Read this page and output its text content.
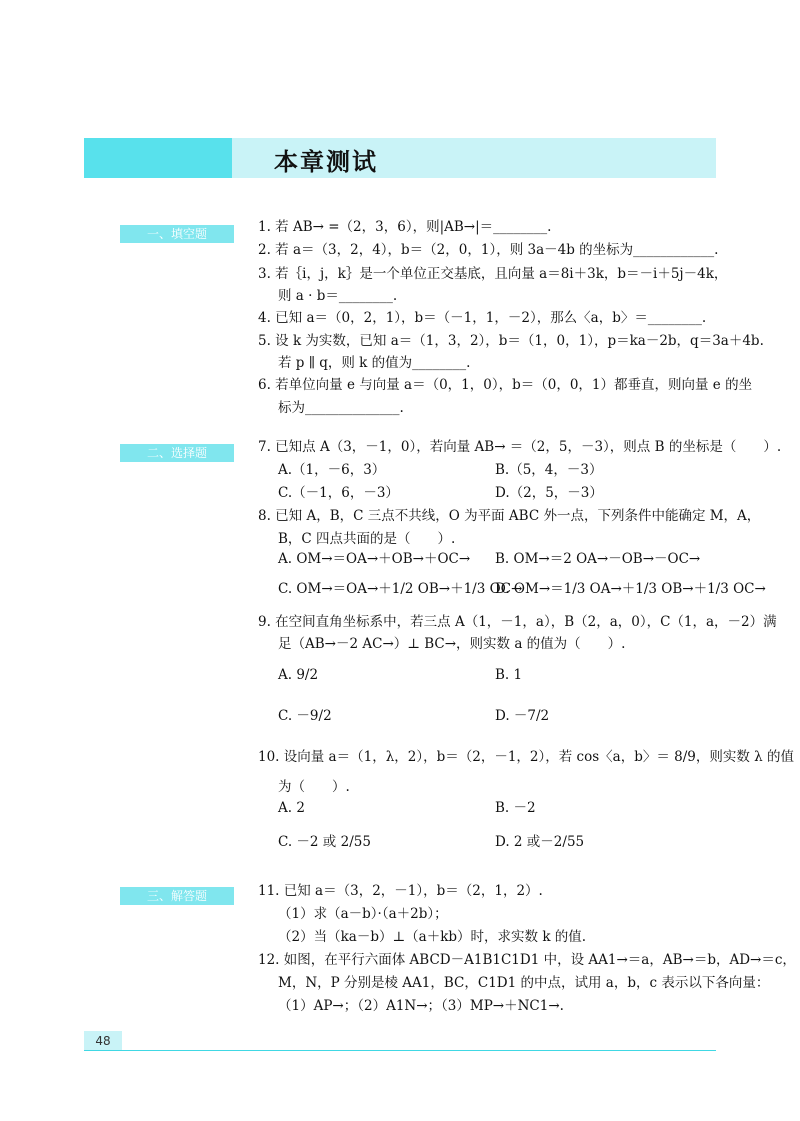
本章测试
一、填空题
二、选择题
三、解答题
1. 若 AB→ =（2，3，6），则|AB→|＝________.
2. 若 a＝（3，2，4），b＝（2，0，1），则 3a－4b 的坐标为____________.
3. 若｛i，j，k｝是一个单位正交基底，且向量 a＝8i＋3k，b＝－i＋5j－4k，
则 a · b＝________.
4. 已知 a＝（0，2，1），b＝（－1，1，－2），那么〈a，b〉＝________.
5. 设 k 为实数，已知 a＝（1，3，2），b＝（1，0，1），p＝ka－2b，q＝3a＋4b.
若 p ∥ q，则 k 的值为________.
6. 若单位向量 e 与向量 a＝（0，1，0），b＝（0，0，1）都垂直，则向量 e 的坐
标为______________.
7. 已知点 A（3，－1，0），若向量 AB→ ＝（2，5，－3），则点 B 的坐标是（　　）.
A.（1，－6，3）	B.（5，4，－3）
C.（－1，6，－3）	D.（2，5，－3）
8. 已知 A，B，C 三点不共线，O 为平面 ABC 外一点，下列条件中能确定 M，A，
B，C 四点共面的是（　　）.
A. OM→＝OA→＋OB→＋OC→ B. OM→＝2 OA→－OB→－OC→
C. OM→＝OA→＋1/2 OB→＋1/3 OC→
D. OM→＝1/3 OA→＋1/3 OB→＋1/3 OC→
9. 在空间直角坐标系中，若三点 A（1，－1，a），B（2，a，0），C（1，a，－2）满
足（AB→－2 AC→）⊥ BC→，则实数 a 的值为（　　）.
A. 9/2	B. 1
C. －9/2	D. －7/2
10. 设向量 a＝（1，λ，2），b＝（2，－1，2），若 cos〈a，b〉＝ 8/9，则实数 λ 的值
为（　　）.
A. 2	B. －2
C. －2 或 2/55	D. 2 或－2/55
11. 已知 a＝（3，2，－1），b＝（2，1，2）.
（1）求（a－b）·（a＋2b）；
（2）当（ka－b）⊥（a＋kb）时，求实数 k 的值.
12. 如图，在平行六面体 ABCD－A1B1C1D1 中，设 AA1→＝a，AB→＝b，AD→＝c，
M，N，P 分别是棱 AA1，BC，C1D1 的中点，试用 a，b，c 表示以下各向量：
（1）AP→；（2）A1N→；（3）MP→＋NC1→.
48
